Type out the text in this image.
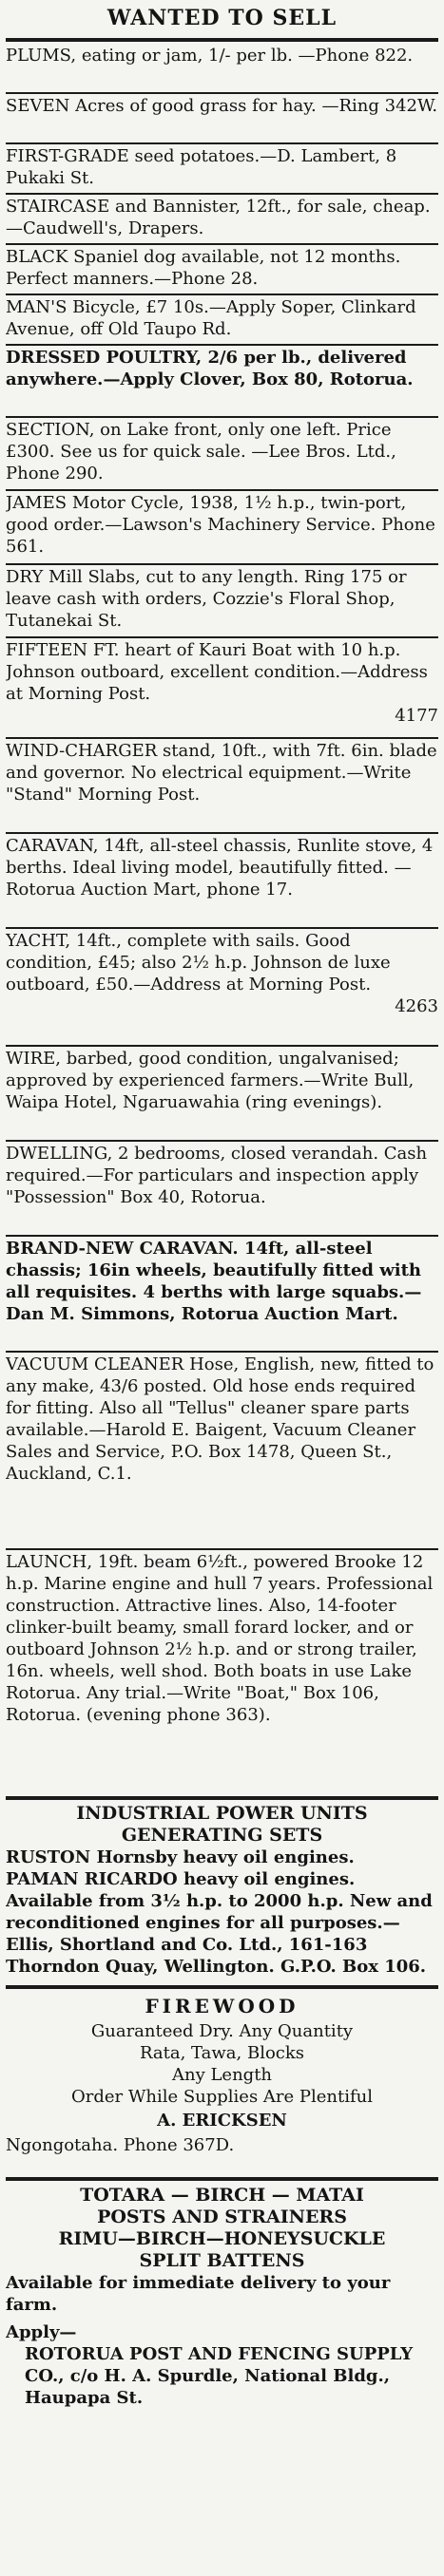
WANTED TO SELL
PLUMS, eating or jam, 1/- per lb. —Phone 822.
SEVEN Acres of good grass for hay. —Ring 342W.
FIRST-GRADE seed potatoes.—D. Lambert, 8 Pukaki St.
STAIRCASE and Bannister, 12ft., for sale, cheap.—Caudwell's, Drapers.
BLACK Spaniel dog available, not 12 months. Perfect manners.—Phone 28.
MAN'S Bicycle, £7 10s.—Apply Soper, Clinkard Avenue, off Old Taupo Rd.
DRESSED POULTRY, 2/6 per lb., delivered anywhere.—Apply Clover, Box 80, Rotorua.
SECTION, on Lake front, only one left. Price £300. See us for quick sale. —Lee Bros. Ltd., Phone 290.
JAMES Motor Cycle, 1938, 1½ h.p., twin-port, good order.—Lawson's Machinery Service. Phone 561.
DRY Mill Slabs, cut to any length. Ring 175 or leave cash with orders, Cozzie's Floral Shop, Tutanekai St.
FIFTEEN FT. heart of Kauri Boat with 10 h.p. Johnson outboard, excellent condition.—Address at Morning Post.
4177
WIND-CHARGER stand, 10ft., with 7ft. 6in. blade and governor. No electrical equipment.—Write "Stand" Morning Post.
CARAVAN, 14ft, all-steel chassis, Runlite stove, 4 berths. Ideal living model, beautifully fitted. — Rotorua Auction Mart, phone 17.
YACHT, 14ft., complete with sails. Good condition, £45; also 2½ h.p. Johnson de luxe outboard, £50.—Address at Morning Post.
4263
WIRE, barbed, good condition, ungalvanised; approved by experienced farmers.—Write Bull, Waipa Hotel, Ngaruawahia (ring evenings).
DWELLING, 2 bedrooms, closed verandah. Cash required.—For particulars and inspection apply "Possession" Box 40, Rotorua.
BRAND-NEW CARAVAN. 14ft, all-steel chassis; 16in wheels, beautifully fitted with all requisites. 4 berths with large squabs.—Dan M. Simmons, Rotorua Auction Mart.
VACUUM CLEANER Hose, English, new, fitted to any make, 43/6 posted. Old hose ends required for fitting. Also all "Tellus" cleaner spare parts available.—Harold E. Baigent, Vacuum Cleaner Sales and Service, P.O. Box 1478, Queen St., Auckland, C.1.
LAUNCH, 19ft. beam 6½ft., powered Brooke 12 h.p. Marine engine and hull 7 years. Professional construction. Attractive lines. Also, 14-footer clinker-built beamy, small forard locker, and or outboard Johnson 2½ h.p. and or strong trailer, 16n. wheels, well shod. Both boats in use Lake Rotorua. Any trial.—Write "Boat," Box 106, Rotorua. (evening phone 363).
INDUSTRIAL POWER UNITS
GENERATING SETS
RUSTON Hornsby heavy oil engines.
PAMAN RICARDO heavy oil engines.
Available from 3½ h.p. to 2000 h.p. New and reconditioned engines for all purposes.—Ellis, Shortland and Co. Ltd., 161-163 Thorndon Quay, Wellington. G.P.O. Box 106.
FIREWOOD
Guaranteed Dry. Any Quantity
Rata, Tawa, Blocks
Any Length
Order While Supplies Are Plentiful
A. ERICKSEN
Ngongotaha. Phone 367D.
TOTARA — BIRCH — MATAI
POSTS AND STRAINERS
RIMU—BIRCH—HONEYSUCKLE
SPLIT BATTENS
Available for immediate delivery to your farm.
Apply—
ROTORUA POST AND FENCING SUPPLY CO., c/o H. A. Spurdle, National Bldg., Haupapa St.
